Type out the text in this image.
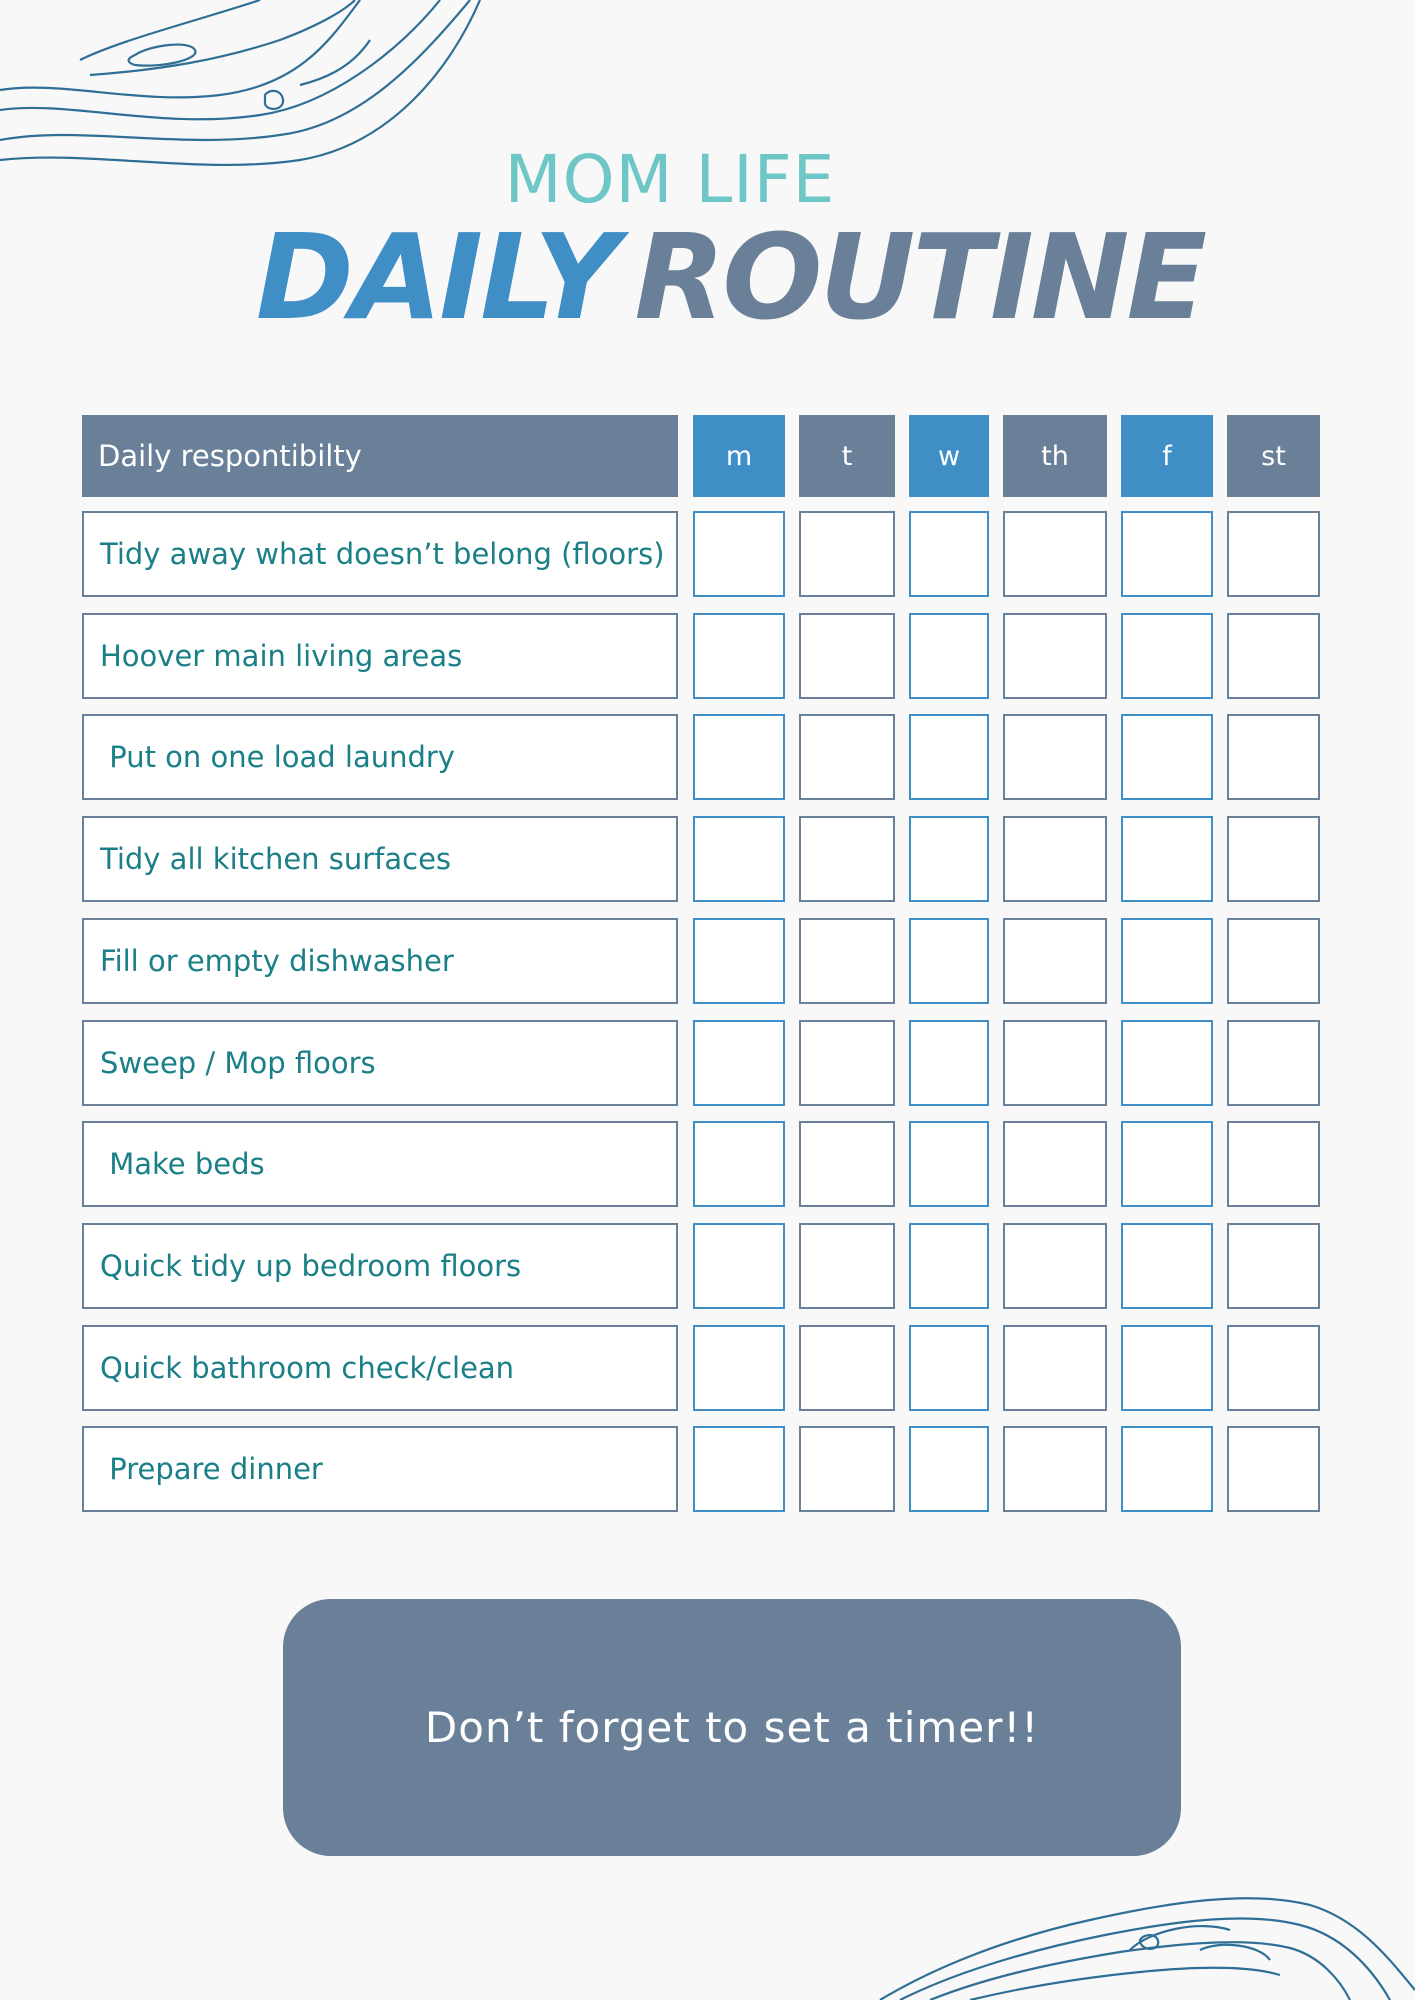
MOM LIFE
DAILY ROUTINE
Daily respontibilty	m	t	w	th	f	st
Tidy away what doesn’t belong (floors)
Hoover main living areas
Put on one load laundry
Tidy all kitchen surfaces
Fill or empty dishwasher
Sweep / Mop floors
Make beds
Quick tidy up bedroom floors
Quick bathroom check/clean
Prepare dinner
Don’t forget to set a timer!!
